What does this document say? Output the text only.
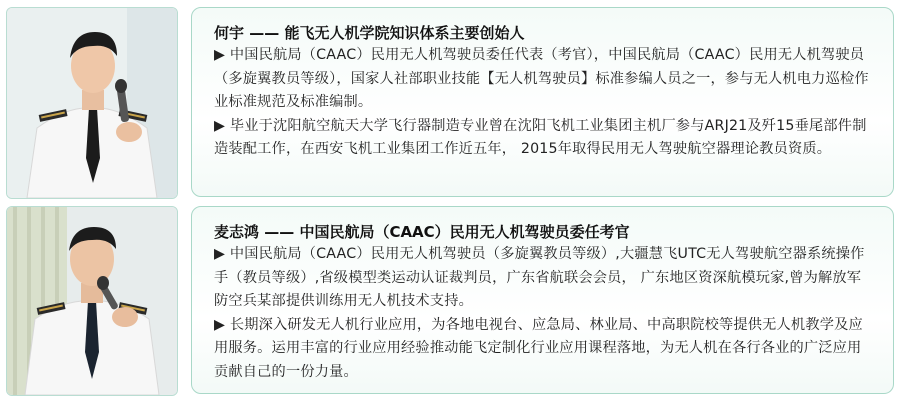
何宇 —— 能飞无人机学院知识体系主要创始人

▶ 中国民航局（CAAC）民用无人机驾驶员委任代表（考官），中国民航局（CAAC）民用无人机驾驶员（多旋翼教员等级），国家人社部职业技能【无人机驾驶员】标准参编人员之一，参与无人机电力巡检作业标准规范及标准编制。

▶ 毕业于沈阳航空航天大学飞行器制造专业曾在沈阳飞机工业集团主机厂参与ARJ21及歼15垂尾部件制造装配工作，在西安飞机工业集团工作近五年， 2015年取得民用无人驾驶航空器理论教员资质。

麦志鸿 —— 中国民航局（CAAC）民用无人机驾驶员委任考官

▶ 中国民航局（CAAC）民用无人机驾驶员（多旋翼教员等级）,大疆慧飞UTC无人驾驶航空器系统操作手（教员等级）,省级模型类运动认证裁判员，广东省航联会会员， 广东地区资深航模玩家,曾为解放军防空兵某部提供训练用无人机技术支持。

▶ 长期深入研发无人机行业应用，为各地电视台、应急局、林业局、中高职院校等提供无人机教学及应用服务。运用丰富的行业应用经验推动能飞定制化行业应用课程落地，为无人机在各行各业的广泛应用贡献自己的一份力量。
